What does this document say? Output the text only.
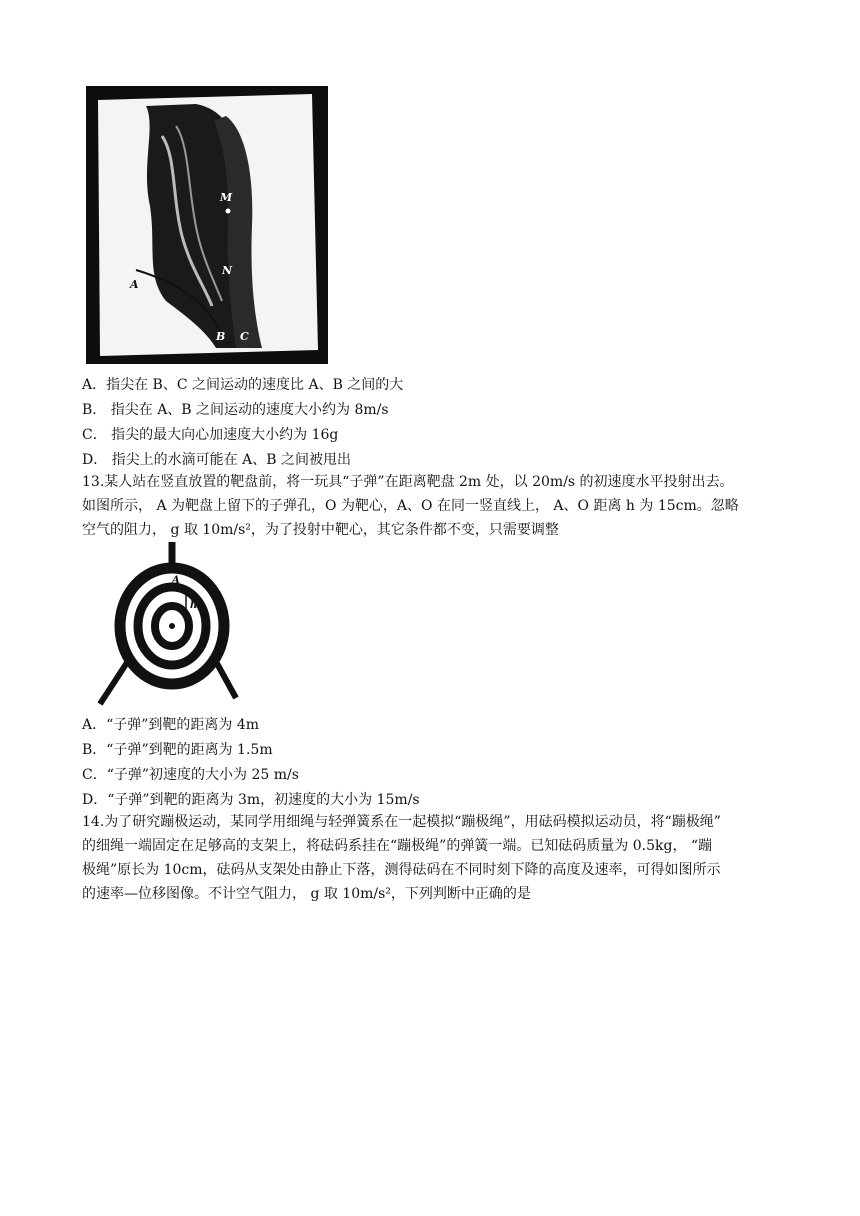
M
N
A
B C
A．指尖在 B、C 之间运动的速度比 A、B 之间的大
B． 指尖在 A、B 之间运动的速度大小约为 8m/s
C． 指尖的最大向心加速度大小约为 16g
D． 指尖上的水滴可能在 A、B 之间被甩出
13.某人站在竖直放置的靶盘前，将一玩具“子弹”在距离靶盘 2m 处，以 20m/s 的初速度水平投射出去。
如图所示， A 为靶盘上留下的子弹孔，O 为靶心，A、O 在同一竖直线上， A、O 距离 h 为 15cm。忽略
空气的阻力， g 取 10m/s²，为了投射中靶心，其它条件都不变，只需要调整
A
h
A．“子弹”到靶的距离为 4m
B．“子弹”到靶的距离为 1.5m
C．“子弹”初速度的大小为 25 m/s
D．“子弹”到靶的距离为 3m，初速度的大小为 15m/s
14.为了研究蹦极运动，某同学用细绳与轻弹簧系在一起模拟“蹦极绳”，用砝码模拟运动员，将“蹦极绳”
的细绳一端固定在足够高的支架上，将砝码系挂在“蹦极绳”的弹簧一端。已知砝码质量为 0.5kg， “蹦
极绳”原长为 10cm，砝码从支架处由静止下落，测得砝码在不同时刻下降的高度及速率，可得如图所示
的速率—位移图像。不计空气阻力， g 取 10m/s²，下列判断中正确的是
